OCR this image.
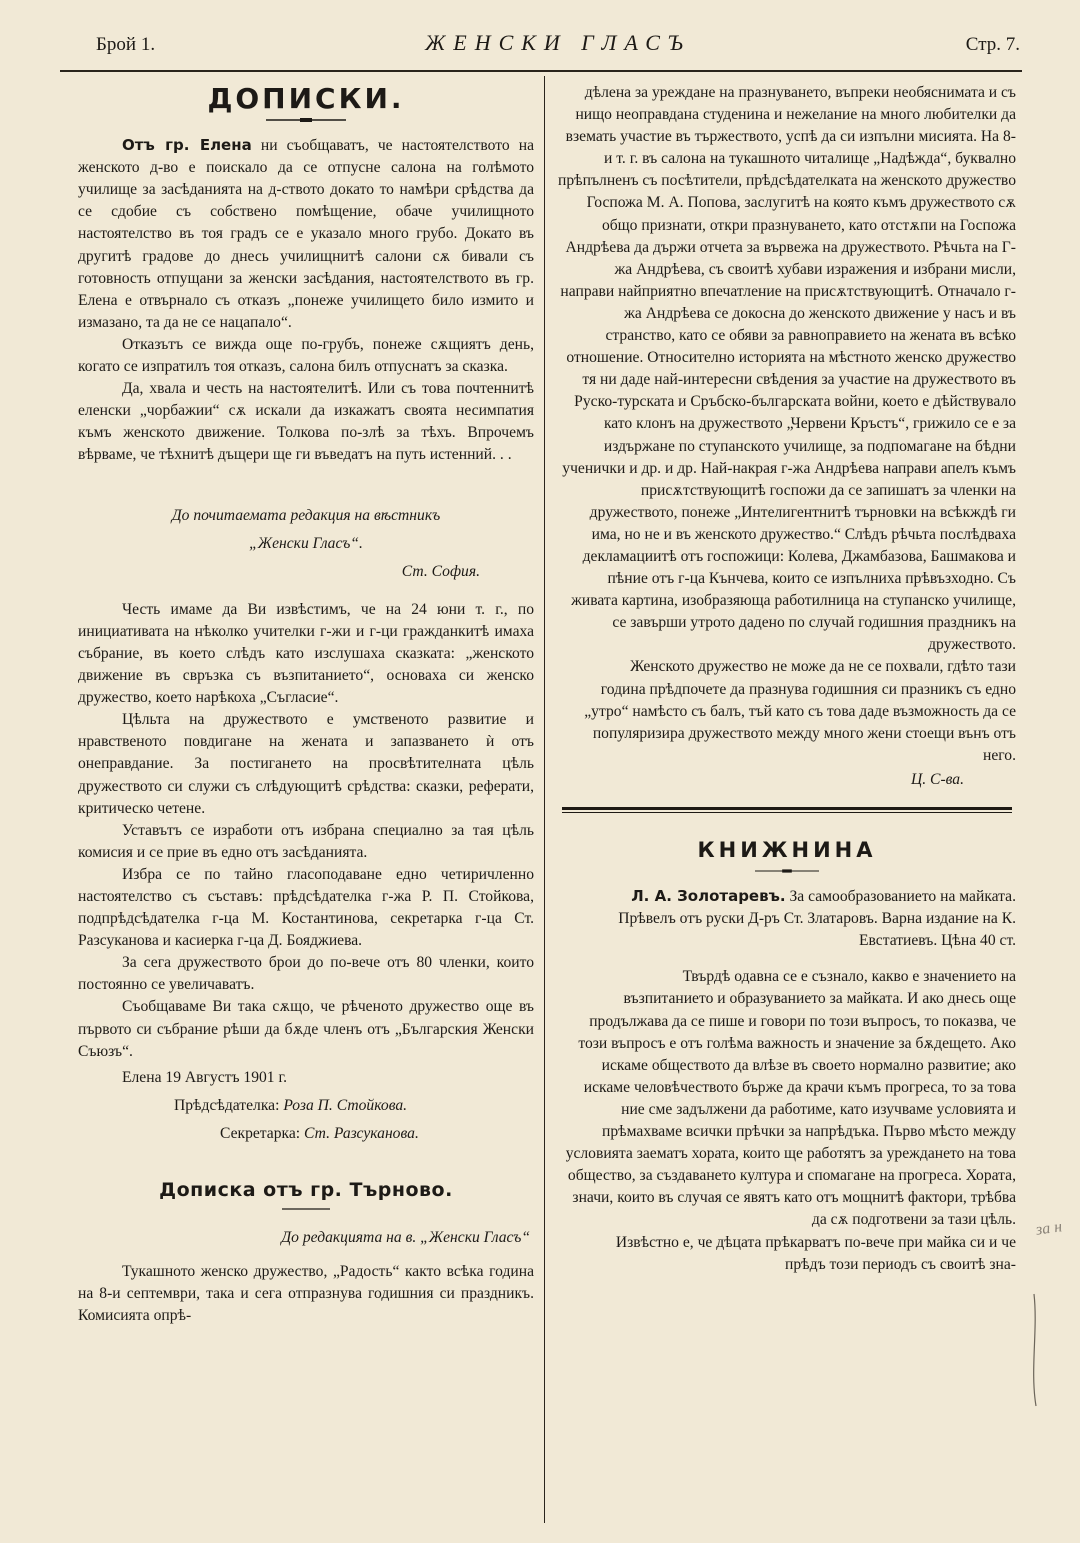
Брой 1.	ЖЕНСКИ ГЛАСЪ	Стр. 7.
ДОПИСКИ.

Отъ гр. Елена ни съобщаватъ, че настоятелството на женското д-во е поискало да се отпусне салона на голѣмото училище за засѣданията на д-ството докато то намѣри срѣдства да се сдобие съ собствено помѣщение, обаче училищното настоятелство въ тоя градъ се е указало много грубо. Докато въ другитѣ градове до днесь училищнитѣ салони сѫ бивали съ готовность отпущани за женски засѣдания, настоятелството въ гр. Елена е отвърнало съ отказъ „понеже училището било измито и измазано, та да не се нацапало“.

Отказътъ се вижда още по-грубъ, понеже сѫщиятъ день, когато се изпратилъ тоя отказъ, салона билъ отпуснатъ за сказка.

Да, хвала и честь на настоятелитѣ. Или съ това почтеннитѣ еленски „чорбажии“ сѫ искали да изкажатъ своята несимпатия къмъ женското движение. Толкова по-злѣ за тѣхъ. Впрочемъ вѣрваме, че тѣхнитѣ дъщери ще ги въведатъ на путь истенний. . .

До почитаемата редакция на вѣстникъ

„Женски Гласъ“.

Ст. София.

Честь имаме да Ви извѣстимъ, че на 24 юни т. г., по инициативата на нѣколко учителки г-жи и г-ци гражданкитѣ имаха събрание, въ което слѣдъ като изслушаха сказката: „женското движение въ свръзка съ възпитанието“, основаха си женско дружество, което нарѣкоха „Съгласие“.

Цѣльта на дружеството е умственото развитие и нравственото повдигане на жената и запазването ѝ отъ онеправдание. За постигането на просвѣтителната цѣль дружеството си служи съ слѣдующитѣ срѣдства: сказки, реферати, критическо четене.

Уставътъ се изработи отъ избрана специално за тая цѣль комисия и се прие въ едно отъ засѣданията.

Избра се по тайно гласоподаване едно четиричленно настоятелство съ съставъ: прѣдсѣдателка г-жа Р. П. Стойкова, подпрѣдсѣдателка г-ца М. Костантинова, секретарка г-ца Ст. Разсуканова и касиерка г-ца Д. Бояджиева.

За сега дружеството брои до по-вече отъ 80 членки, които постоянно се увеличаватъ.

Съобщаваме Ви така сѫщо, че рѣченото дружество още въ първото си събрание рѣши да бѫде членъ отъ „Българския Женски Съюзъ“.

Елена 19 Августъ 1901 г.

Прѣдсѣдателка: Роза П. Стойкова.

Секретарка: Ст. Разсуканова.

Дописка отъ гр. Търново.

До редакцията на в. „Женски Гласъ“

Тукашното женско дружество, „Радость“ както всѣка година на 8-и септември, така и сега отпразнува годишния си праздникъ. Комисията опрѣ-

дѣлена за уреждане на празнуването, въпреки необяснимата и съ нищо неоправдана студенина и нежелание на много любителки да вземать участие въ тържеството, успѣ да си изпълни мисията. На 8-и т. г. въ салона на тукашното читалище „Надѣжда“, буквално прѣпълненъ съ посѣтители, прѣдсѣдателката на женското дружество Госпожа М. А. Попова, заслугитѣ на която къмъ дружеството сѫ общо признати, откри празнуването, като отстѫпи на Госпожа Андрѣева да държи отчета за вървежа на дружеството. Рѣчьта на Г-жа Андрѣева, съ своитѣ хубави изражения и избрани мисли, направи найприятно впечатление на присѫтствующитѣ. Отначало г-жа Андрѣева се докосна до женското движение у насъ и въ странство, като се обяви за равноправието на жената въ всѣко отношение. Относително историята на мѣстното женско дружество тя ни даде най-интересни свѣдения за участие на дружеството въ Руско-турската и Сръбско-българската войни, което е дѣйствувало като клонъ на дружеството „Червени Кръстъ“, грижило се е за издържане по ступанското училище, за подпомагане на бѣдни ученички и др. и др. Най-накрая г-жа Андрѣева направи апелъ къмъ присѫтствующитѣ госпожи да се запишатъ за членки на дружеството, понеже „Интелигентнитѣ търновки на всѣкждѣ ги има, но не и въ женското дружество.“ Слѣдъ рѣчьта послѣдваха декламациитѣ отъ госпожици: Колева, Джамбазова, Башмакова и пѣние отъ г-ца Кънчева, които се изпълниха прѣвъзходно. Съ живата картина, изобразяюща работилница на ступанско училище, се завърши утрото дадено по случай годишния праздникъ на дружеството.

Женското дружество не може да не се похвали, гдѣто тази година прѣдпочете да празнува годишния си празникъ съ едно „утро“ намѣсто съ балъ, тъй като съ това даде възможность да се популяризира дружеството между много жени стоещи вънъ отъ него.

Ц. С-ва.

КНИЖНИНА

Л. А. Золотаревъ. За самообразованието на майката. Прѣвелъ отъ руски Д-ръ Ст. Златаровъ. Варна издание на К. Евстатиевъ. Цѣна 40 ст.

Твърдѣ одавна се е съзнало, какво е значението на възпитанието и образуванието за майката. И ако днесь още продължава да се пише и говори по този въпросъ, то показва, че този въпросъ е отъ голѣма важность и значение за бѫдещето. Ако искаме обществото да влѣзе въ своето нормално развитие; ако искаме человѣчеството бърже да крачи къмъ прогреса, то за това ние сме задължени да работиме, като изучваме условията и прѣмахваме всички прѣчки за напрѣдъка. Първо мѣсто между условията заематъ хората, които ще работятъ за уреждането на това общество, за създаването култура и спомагане на прогреса. Хората, значи, които въ случая се явятъ като отъ мощнитѣ фактори, трѣбва да сѫ подготвени за тази цѣль.

Извѣстно е, че дѣцата прѣкарватъ по-вече при майка си и че прѣдъ този периодъ съ своитѣ зна-

за н
